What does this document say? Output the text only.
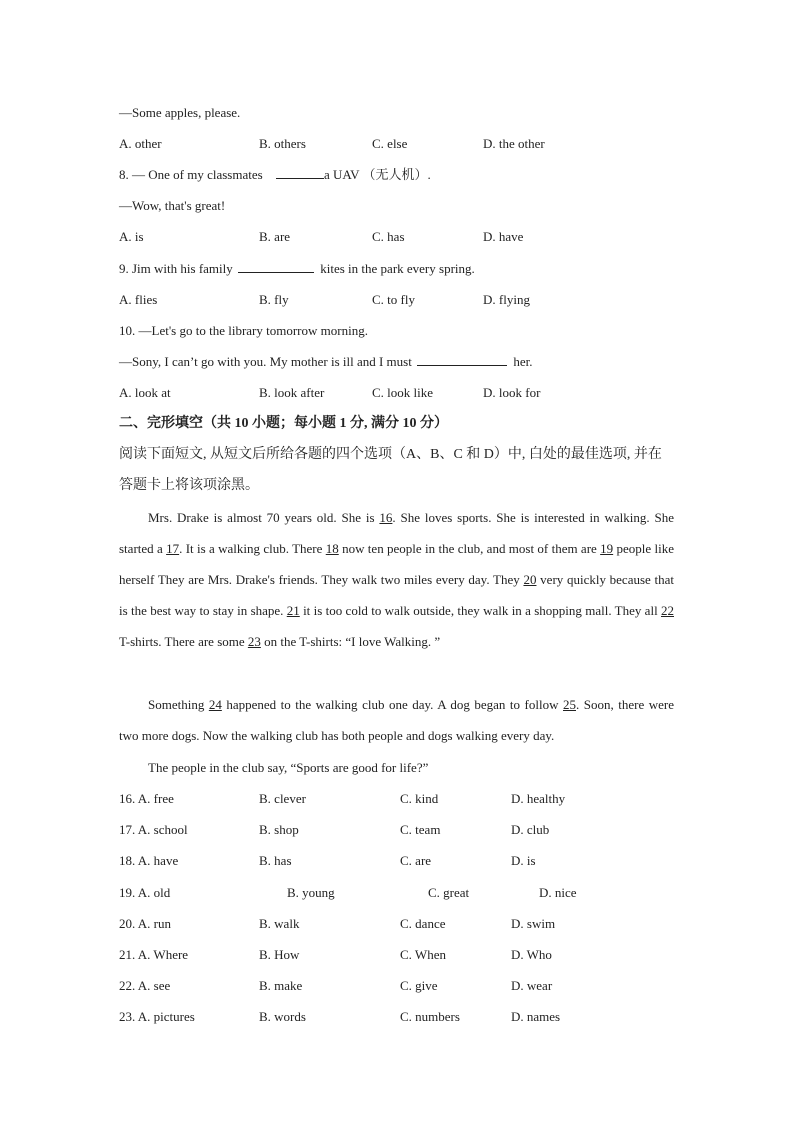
—Some apples, please.
A. other	B. others	C. else	D. the other
8. — One of my classmates	a UAV （无人机）.
—Wow, that's great!
A. is	B. are	C. has	D. have
9. Jim with his family	kites in the park every spring.
A. flies	B. fly	C. to fly	D. flying
10. —Let's go to the library tomorrow morning.
—Sony, I can’t go with you. My mother is ill and I must	her.
A. look at	B. look after	C. look like	D. look for
二、完形填空（共 10 小题；每小题 1 分, 满分 10 分）
阅读下面短文, 从短文后所给各题的四个选项（A、B、C 和 D）中, 白处的最佳选项, 并在
答题卡上将该项涂黑。
Mrs. Drake is almost 70 years old. She is 16. She loves sports. She is interested in walking. She started a 17. It is a walking club. There 18 now ten people in the club, and most of them are 19 people like herself They are Mrs. Drake's friends. They walk two miles every day. They 20 very quickly because that is the best way to stay in shape. 21 it is too cold to walk outside, they walk in a shopping mall. They all 22 T-shirts. There are some 23 on the T-shirts: “I love Walking. ”
Something 24 happened to the walking club one day. A dog began to follow 25. Soon, there were two more dogs. Now the walking club has both people and dogs walking every day.
The people in the club say, “Sports are good for life?”
16. A. free	B. clever	C. kind	D. healthy
17. A. school	B. shop	C. team	D. club
18. A. have	B. has	C. are	D. is
19. A. old	B. young	C. great	D. nice
20. A. run	B. walk	C. dance	D. swim
21. A. Where	B. How	C. When	D. Who
22. A. see	B. make	C. give	D. wear
23. A. pictures	B. words	C. numbers	D. names
